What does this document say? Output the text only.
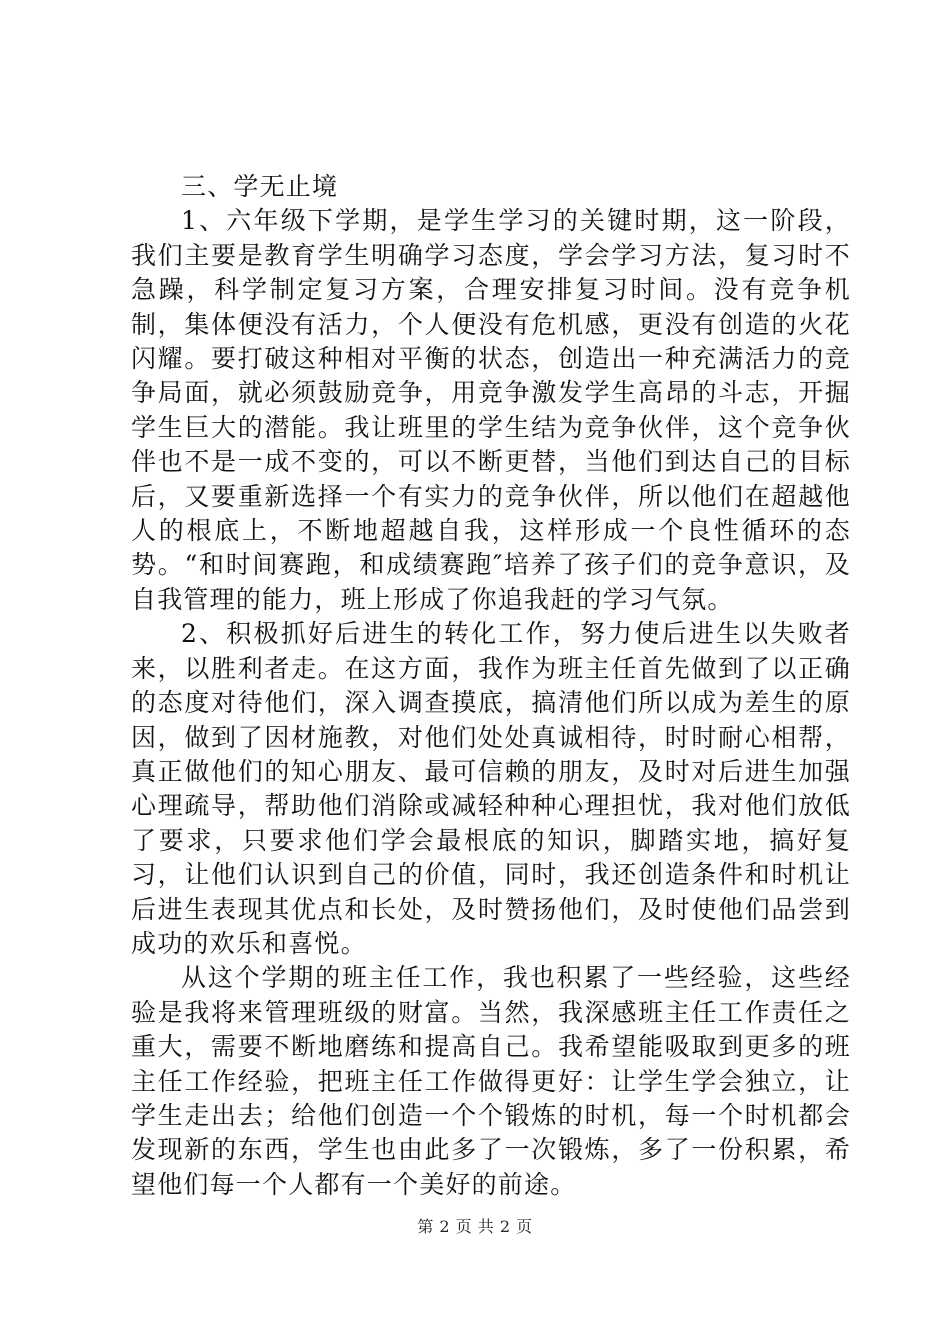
三、学无止境

1、六年级下学期，是学生学习的关键时期，这一阶段，我们主要是教育学生明确学习态度，学会学习方法，复习时不急躁，科学制定复习方案，合理安排复习时间。没有竞争机制，集体便没有活力，个人便没有危机感，更没有创造的火花闪耀。要打破这种相对平衡的状态，创造出一种充满活力的竞争局面，就必须鼓励竞争，用竞争激发学生高昂的斗志，开掘学生巨大的潜能。我让班里的学生结为竞争伙伴，这个竞争伙伴也不是一成不变的，可以不断更替，当他们到达自己的目标后，又要重新选择一个有实力的竞争伙伴，所以他们在超越他人的根底上，不断地超越自我，这样形成一个良性循环的态势。“和时间赛跑，和成绩赛跑″培养了孩子们的竞争意识，及自我管理的能力，班上形成了你追我赶的学习气氛。

2、积极抓好后进生的转化工作，努力使后进生以失败者来，以胜利者走。在这方面，我作为班主任首先做到了以正确的态度对待他们，深入调查摸底，搞清他们所以成为差生的原因，做到了因材施教，对他们处处真诚相待，时时耐心相帮，真正做他们的知心朋友、最可信赖的朋友，及时对后进生加强心理疏导，帮助他们消除或减轻种种心理担忧，我对他们放低了要求，只要求他们学会最根底的知识，脚踏实地，搞好复习，让他们认识到自己的价值，同时，我还创造条件和时机让后进生表现其优点和长处，及时赞扬他们，及时使他们品尝到成功的欢乐和喜悦。

从这个学期的班主任工作，我也积累了一些经验，这些经验是我将来管理班级的财富。当然，我深感班主任工作责任之重大，需要不断地磨练和提高自己。我希望能吸取到更多的班主任工作经验，把班主任工作做得更好：让学生学会独立，让学生走出去；给他们创造一个个锻炼的时机，每一个时机都会发现新的东西，学生也由此多了一次锻炼，多了一份积累，希望他们每一个人都有一个美好的前途。

第 2 页 共 2 页
